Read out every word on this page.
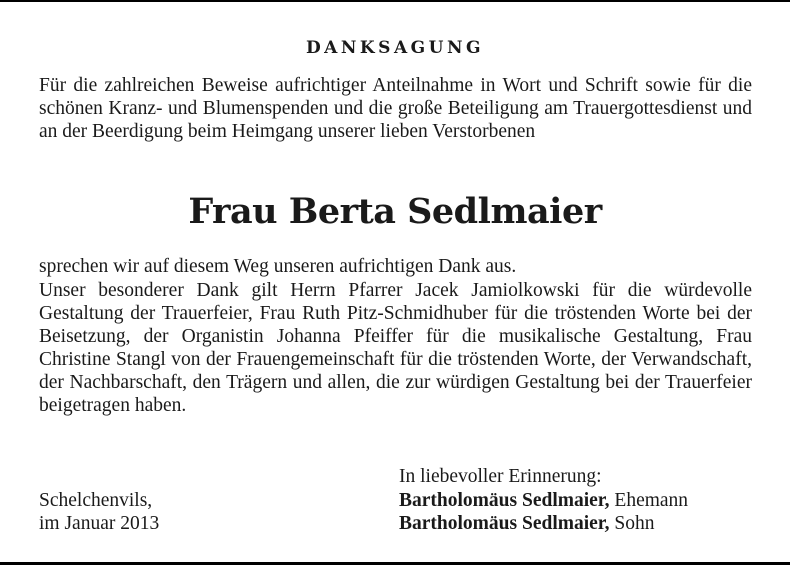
DANKSAGUNG

Für die zahlreichen Beweise aufrichtiger Anteilnahme in Wort und Schrift sowie für die schönen Kranz- und Blumenspenden und die große Beteiligung am Trauergottesdienst und an der Beerdigung beim Heimgang unserer lieben Verstorbenen

Frau Berta Sedlmaier

sprechen wir auf diesem Weg unseren aufrichtigen Dank aus.

Unser besonderer Dank gilt Herrn Pfarrer Jacek Jamiolkowski für die würdevolle Gestaltung der Trauerfeier, Frau Ruth Pitz-Schmidhuber für die tröstenden Worte bei der Beisetzung, der Organistin Johanna Pfeiffer für die musikalische Gestaltung, Frau Christine Stangl von der Frauengemeinschaft für die tröstenden Worte, der Verwandschaft, der Nachbarschaft, den Trägern und allen, die zur würdigen Gestaltung bei der Trauerfeier beigetragen haben.

Schelchenvils,

im Januar 2013

In liebevoller Erinnerung:

Bartholomäus Sedlmaier, Ehemann

Bartholomäus Sedlmaier, Sohn
